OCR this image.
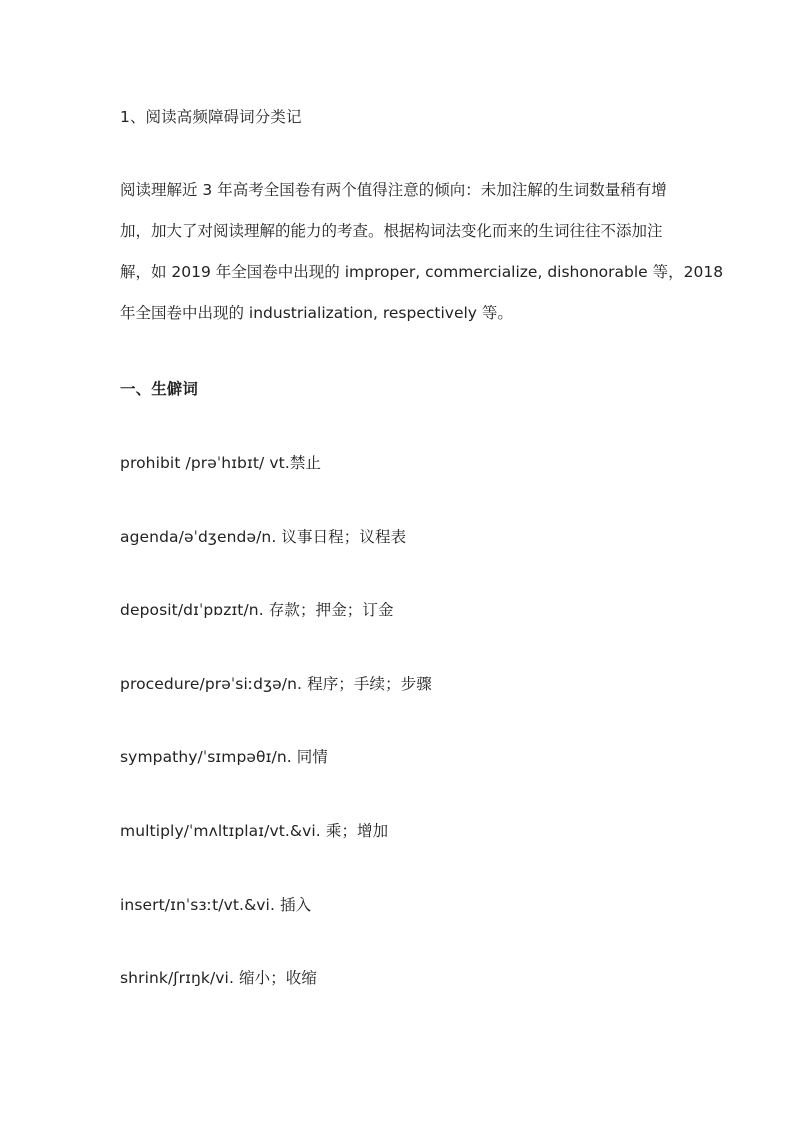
1、阅读高频障碍词分类记
阅读理解近 3 年高考全国卷有两个值得注意的倾向：未加注解的生词数量稍有增
加，加大了对阅读理解的能力的考查。根据构词法变化而来的生词往往不添加注
解，如 2019 年全国卷中出现的 improper, commercialize, dishonorable 等，2018
年全国卷中出现的 industrialization, respectively 等。
一、生僻词
prohibit /prəˈhɪbɪt/ vt.禁止
agenda/əˈdʒendə/n. 议事日程；议程表
deposit/dɪˈpɒzɪt/n. 存款；押金；订金
procedure/prəˈsiːdʒə/n. 程序；手续；步骤
sympathy/ˈsɪmpəθɪ/n. 同情
multiply/ˈmʌltɪplaɪ/vt.&vi. 乘；增加
insert/ɪnˈsɜːt/vt.&vi. 插入
shrink/ʃrɪŋk/vi. 缩小；收缩
